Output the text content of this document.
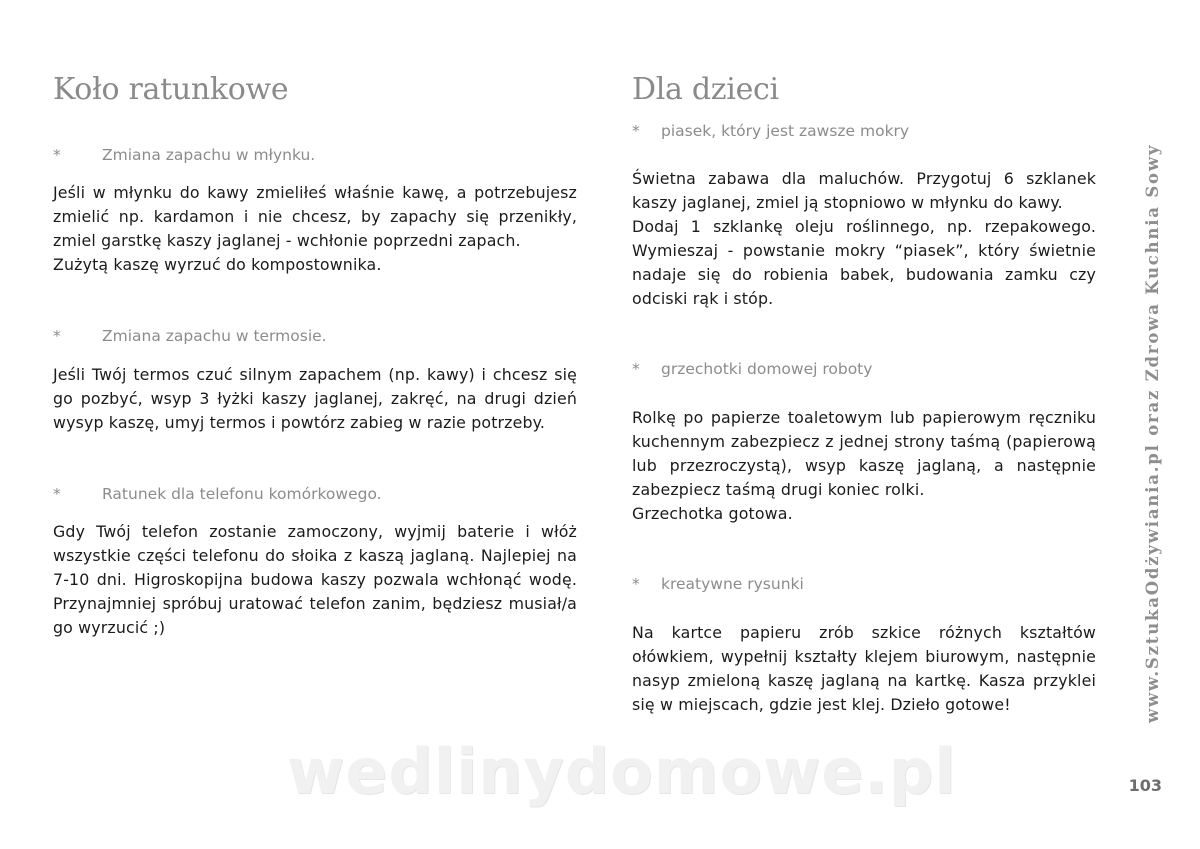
Koło ratunkowe
*	Zmiana zapachu w młynku.

Jeśli w młynku do kawy zmieliłeś właśnie kawę, a potrzebujesz zmielić np. kardamon i nie chcesz, by zapachy się przenikły, zmiel garstkę kaszy jaglanej - wchłonie poprzedni zapach.

Zużytą kaszę wyrzuć do kompostownika.

*	Zmiana zapachu w termosie.

Jeśli Twój termos czuć silnym zapachem (np. kawy) i chcesz się go pozbyć, wsyp 3 łyżki kaszy jaglanej, zakręć, na drugi dzień wysyp kaszę, umyj termos i powtórz zabieg w razie potrzeby.

*	Ratunek dla telefonu komórkowego.

Gdy Twój telefon zostanie zamoczony, wyjmij baterie i włóż wszystkie części telefonu do słoika z kaszą jaglaną. Najlepiej na 7-10 dni. Higroskopijna budowa kaszy pozwala wchłonąć wodę. Przynajmniej spróbuj uratować telefon zanim, będziesz musiał/a go wyrzucić ;)

Dla dzieci
* piasek, który jest zawsze mokry

Świetna zabawa dla maluchów. Przygotuj 6 szklanek kaszy jaglanej, zmiel ją stopniowo w młynku do kawy.

Dodaj 1 szklankę oleju roślinnego, np. rzepakowego. Wymieszaj - powstanie mokry “piasek”, który świetnie nadaje się do robienia babek, budowania zamku czy odciski rąk i stóp.

* grzechotki domowej roboty

Rolkę po papierze toaletowym lub papierowym ręczniku kuchennym zabezpiecz z jednej strony taśmą (papierową lub przezroczystą), wsyp kaszę jaglaną, a następnie zabezpiecz taśmą drugi koniec rolki.

Grzechotka gotowa.

* kreatywne rysunki

Na kartce papieru zrób szkice różnych kształtów ołówkiem, wypełnij kształty klejem biurowym, następnie nasyp zmieloną kaszę jaglaną na kartkę. Kasza przyklei się w miejscach, gdzie jest klej. Dzieło gotowe!	www.SztukaOdżywiania.pl oraz Zdrowa Kuchnia Sowy
103
wedlinydomowe.pl
